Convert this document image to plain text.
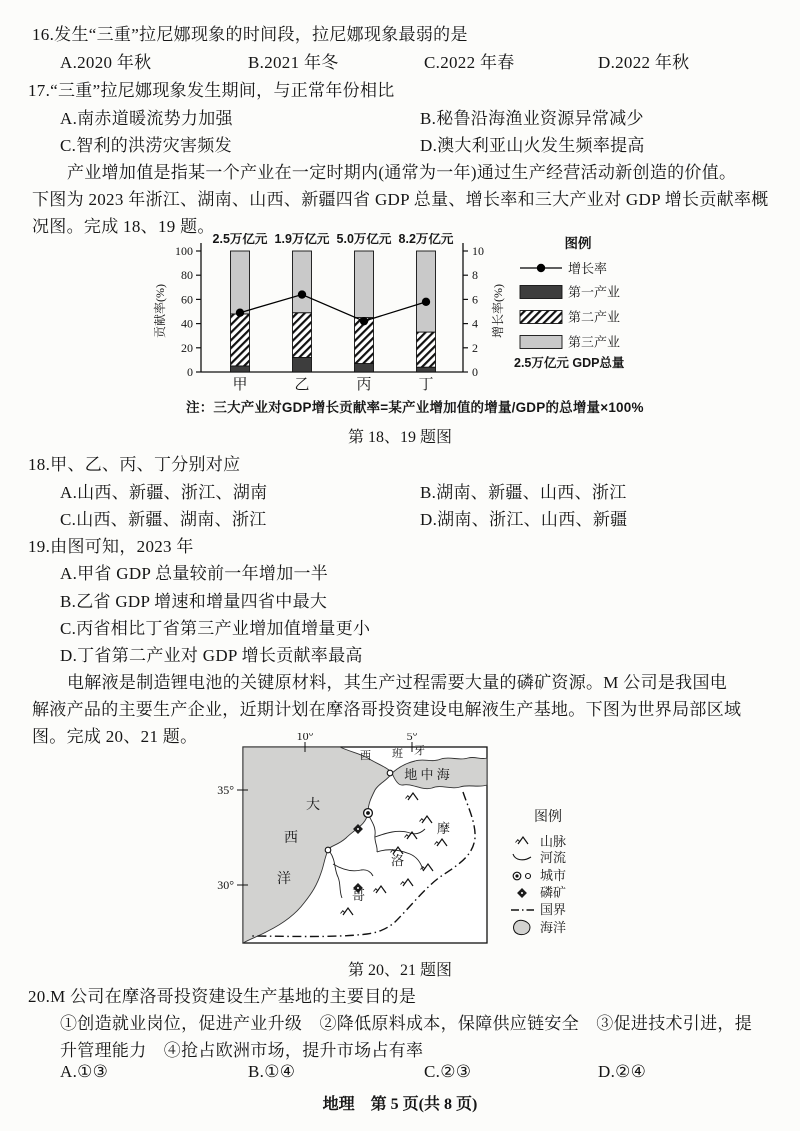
16.发生“三重”拉尼娜现象的时间段，拉尼娜现象最弱的是
A.2020 年秋	B.2021 年冬	C.2022 年春	D.2022 年秋
17.“三重”拉尼娜现象发生期间，与正常年份相比
A.南赤道暖流势力加强	B.秘鲁沿海渔业资源异常减少
C.智利的洪涝灾害频发	D.澳大利亚山火发生频率提高
产业增加值是指某一个产业在一定时期内(通常为一年)通过生产经营活动新创造的价值。
下图为 2023 年浙江、湖南、山西、新疆四省 GDP 总量、增长率和三大产业对 GDP 增长贡献率概
况图。完成 18、19 题。
0
20
40
60
80
100
0
2
4
6
8
10
贡献率(%)	增长率(%)
2.5万亿元
甲
1.9万亿元
乙
5.0万亿元
丙
8.2万亿元
丁
图例
增长率
第一产业
第二产业
第三产业
2.5万亿元 GDP总量
注：三大产业对GDP增长贡献率=某产业增加值的增量/GDP的总增量×100%
第 18、19 题图
18.甲、乙、丙、丁分别对应
A.山西、新疆、浙江、湖南	B.湖南、新疆、山西、浙江
C.山西、新疆、湖南、浙江	D.湖南、浙江、山西、新疆
19.由图可知，2023 年
A.甲省 GDP 总量较前一年增加一半
B.乙省 GDP 增速和增量四省中最大
C.丙省相比丁省第三产业增加值增量更小
D.丁省第二产业对 GDP 增长贡献率最高
电解液是制造锂电池的关键原材料，其生产过程需要大量的磷矿资源。M 公司是我国电
解液产品的主要生产企业，近期计划在摩洛哥投资建设电解液生产基地。下图为世界局部区域
图。完成 20、21 题。	10°	5°
35°
30°
西 班 牙
地 中 海
大
西
洋
摩
洛
哥
图例
山脉
河流
城市
磷矿
国界
海洋
第 20、21 题图
20.M 公司在摩洛哥投资建设生产基地的主要目的是
①创造就业岗位，促进产业升级　②降低原料成本，保障供应链安全　③促进技术引进，提
升管理能力　④抢占欧洲市场，提升市场占有率
A.①③	B.①④	C.②③	D.②④
地理　第 5 页(共 8 页)
